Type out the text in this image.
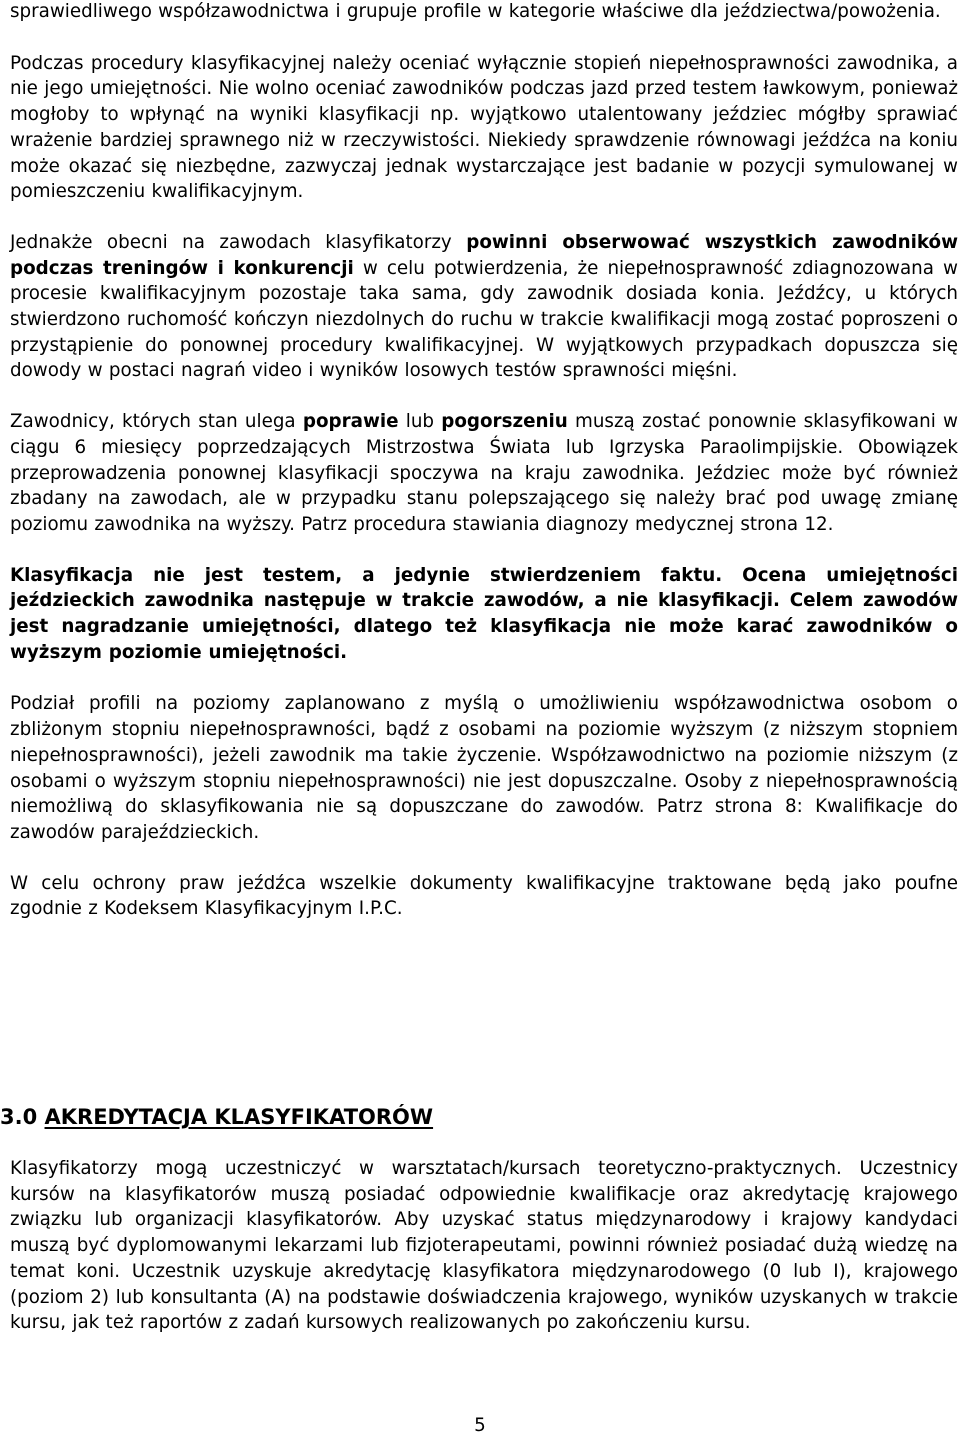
sprawiedliwego współzawodnictwa i grupuje profile w kategorie właściwe dla jeździectwa/powożenia.

Podczas procedury klasyfikacyjnej należy oceniać wyłącznie stopień niepełnosprawności zawodnika, a nie jego umiejętności. Nie wolno oceniać zawodników podczas jazd przed testem ławkowym, ponieważ mogłoby to wpłynąć na wyniki klasyfikacji np. wyjątkowo utalentowany jeździec mógłby sprawiać wrażenie bardziej sprawnego niż w rzeczywistości. Niekiedy sprawdzenie równowagi jeźdźca na koniu może okazać się niezbędne, zazwyczaj jednak wystarczające jest badanie w pozycji symulowanej w pomieszczeniu kwalifikacyjnym.

Jednakże obecni na zawodach klasyfikatorzy powinni obserwować wszystkich zawodników podczas treningów i konkurencji w celu potwierdzenia, że niepełnosprawność zdiagnozowana w procesie kwalifikacyjnym pozostaje taka sama, gdy zawodnik dosiada konia. Jeźdźcy, u których stwierdzono ruchomość kończyn niezdolnych do ruchu w trakcie kwalifikacji mogą zostać poproszeni o przystąpienie do ponownej procedury kwalifikacyjnej. W wyjątkowych przypadkach dopuszcza się dowody w postaci nagrań video i wyników losowych testów sprawności mięśni.

Zawodnicy, których stan ulega poprawie lub pogorszeniu muszą zostać ponownie sklasyfikowani w ciągu 6 miesięcy poprzedzających Mistrzostwa Świata lub Igrzyska Paraolimpijskie. Obowiązek przeprowadzenia ponownej klasyfikacji spoczywa na kraju zawodnika. Jeździec może być również zbadany na zawodach, ale w przypadku stanu polepszającego się należy brać pod uwagę zmianę poziomu zawodnika na wyższy. Patrz procedura stawiania diagnozy medycznej strona 12.

Klasyfikacja nie jest testem, a jedynie stwierdzeniem faktu. Ocena umiejętności jeździeckich zawodnika następuje w trakcie zawodów, a nie klasyfikacji. Celem zawodów jest nagradzanie umiejętności, dlatego też klasyfikacja nie może karać zawodników o wyższym poziomie umiejętności.

Podział profili na poziomy zaplanowano z myślą o umożliwieniu współzawodnictwa osobom o zbliżonym stopniu niepełnosprawności, bądź z osobami na poziomie wyższym (z niższym stopniem niepełnosprawności), jeżeli zawodnik ma takie życzenie. Współzawodnictwo na poziomie niższym (z osobami o wyższym stopniu niepełnosprawności) nie jest dopuszczalne. Osoby z niepełnosprawnością niemożliwą do sklasyfikowania nie są dopuszczane do zawodów. Patrz strona 8: Kwalifikacje do zawodów parajeździeckich.

W celu ochrony praw jeźdźca wszelkie dokumenty kwalifikacyjne traktowane będą jako poufne zgodnie z Kodeksem Klasyfikacyjnym I.P.C.

3.0 AKREDYTACJA KLASYFIKATORÓW

Klasyfikatorzy mogą uczestniczyć w warsztatach/kursach teoretyczno-praktycznych. Uczestnicy kursów na klasyfikatorów muszą posiadać odpowiednie kwalifikacje oraz akredytację krajowego związku lub organizacji klasyfikatorów. Aby uzyskać status międzynarodowy i krajowy kandydaci muszą być dyplomowanymi lekarzami lub fizjoterapeutami, powinni również posiadać dużą wiedzę na temat koni. Uczestnik uzyskuje akredytację klasyfikatora międzynarodowego (0 lub I), krajowego (poziom 2) lub konsultanta (A) na podstawie doświadczenia krajowego, wyników uzyskanych w trakcie kursu, jak też raportów z zadań kursowych realizowanych po zakończeniu kursu.

5
